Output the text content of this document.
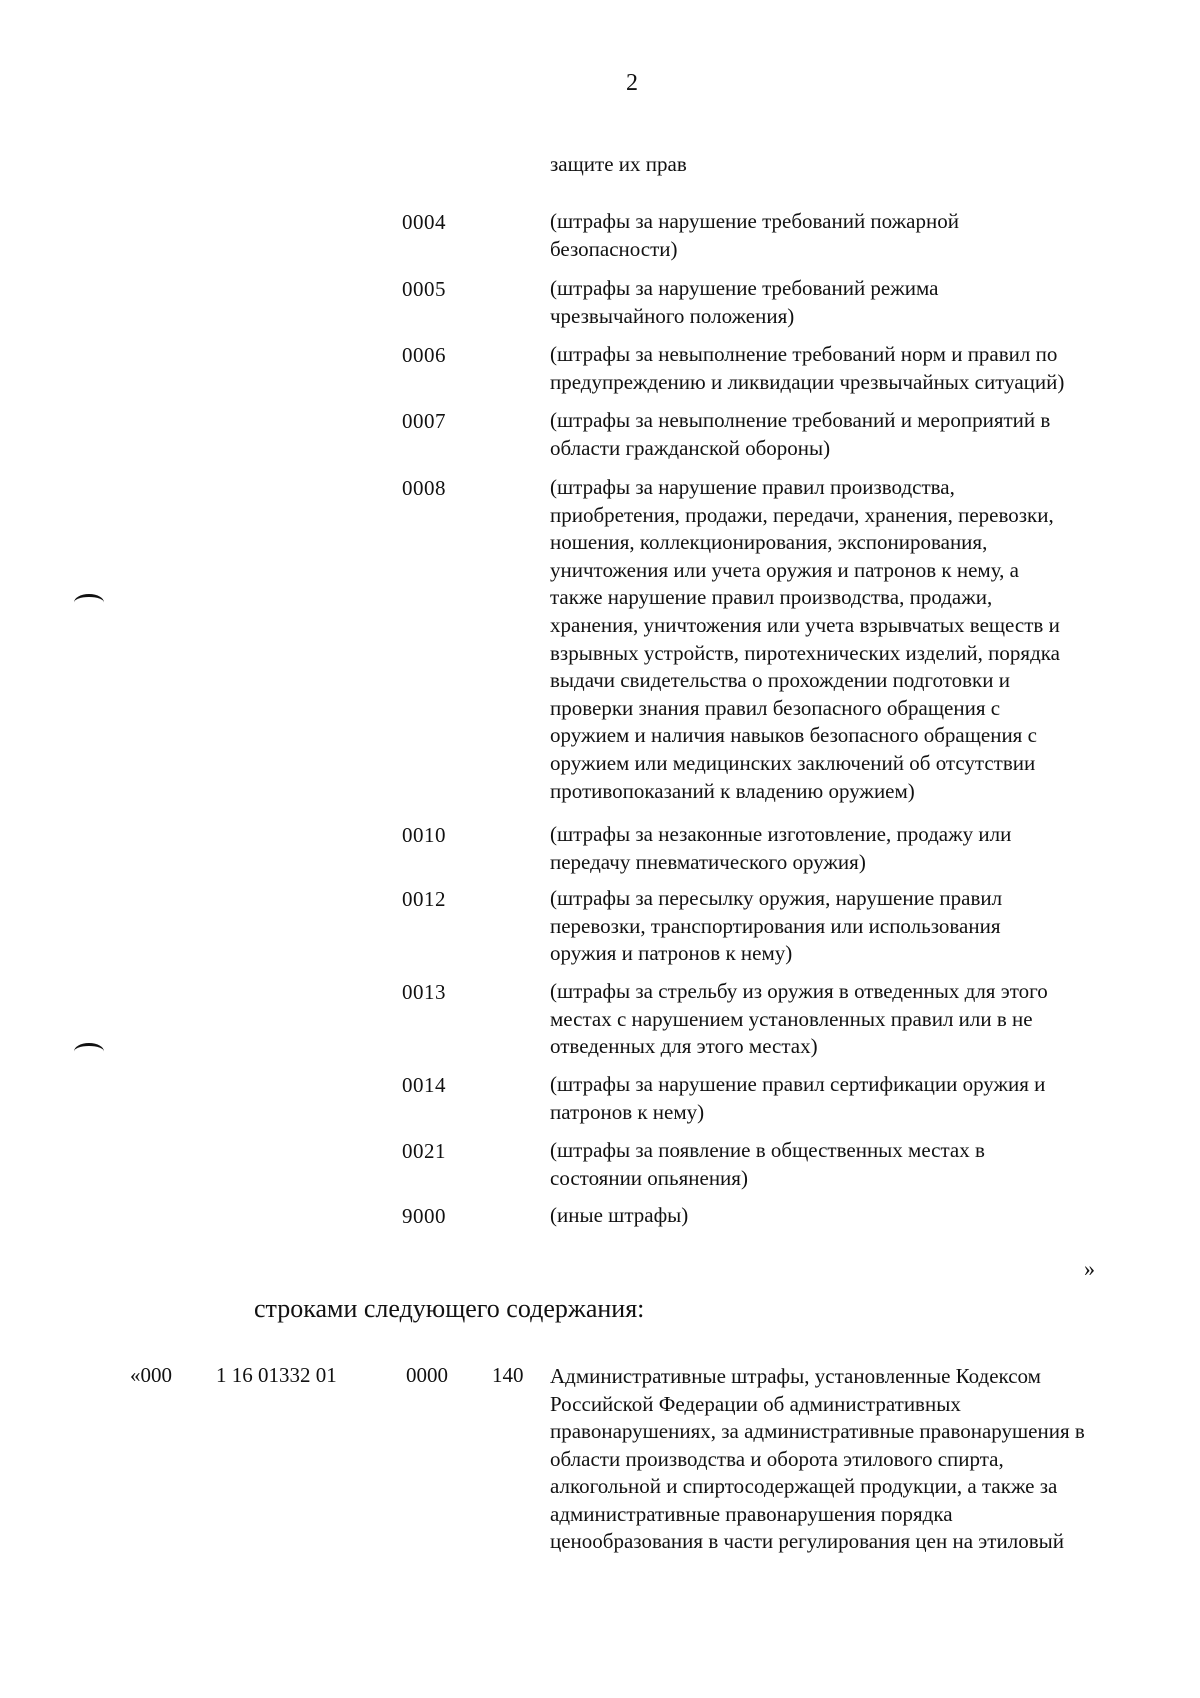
2
защите их прав
0004	(штрафы за нарушение требований пожарной
безопасности)
0005	(штрафы за нарушение требований режима
чрезвычайного положения)
0006	(штрафы за невыполнение требований норм и правил по
предупреждению и ликвидации чрезвычайных ситуаций)
0007	(штрафы за невыполнение требований и мероприятий в
области гражданской обороны)
0008	(штрафы за нарушение правил производства,
приобретения, продажи, передачи, хранения, перевозки,
ношения, коллекционирования, экспонирования,
уничтожения или учета оружия и патронов к нему, а
также нарушение правил производства, продажи,
хранения, уничтожения или учета взрывчатых веществ и
взрывных устройств, пиротехнических изделий, порядка
выдачи свидетельства о прохождении подготовки и
проверки знания правил безопасного обращения с
оружием и наличия навыков безопасного обращения с
оружием или медицинских заключений об отсутствии
противопоказаний к владению оружием)
0010	(штрафы за незаконные изготовление, продажу или
передачу пневматического оружия)
0012	(штрафы за пересылку оружия, нарушение правил
перевозки, транспортирования или использования
оружия и патронов к нему)
0013	(штрафы за стрельбу из оружия в отведенных для этого
местах с нарушением установленных правил или в не
отведенных для этого местах)
0014	(штрафы за нарушение правил сертификации оружия и
патронов к нему)
0021	(штрафы за появление в общественных местах в
состоянии опьянения)
9000	(иные штрафы)
»
строками следующего содержания:
«000 1 16 01332 01	0000 140 Административные штрафы, установленные Кодексом
Российской Федерации об административных
правонарушениях, за административные правонарушения в
области производства и оборота этилового спирта,
алкогольной и спиртосодержащей продукции, а также за
административные правонарушения порядка
ценообразования в части регулирования цен на этиловый
